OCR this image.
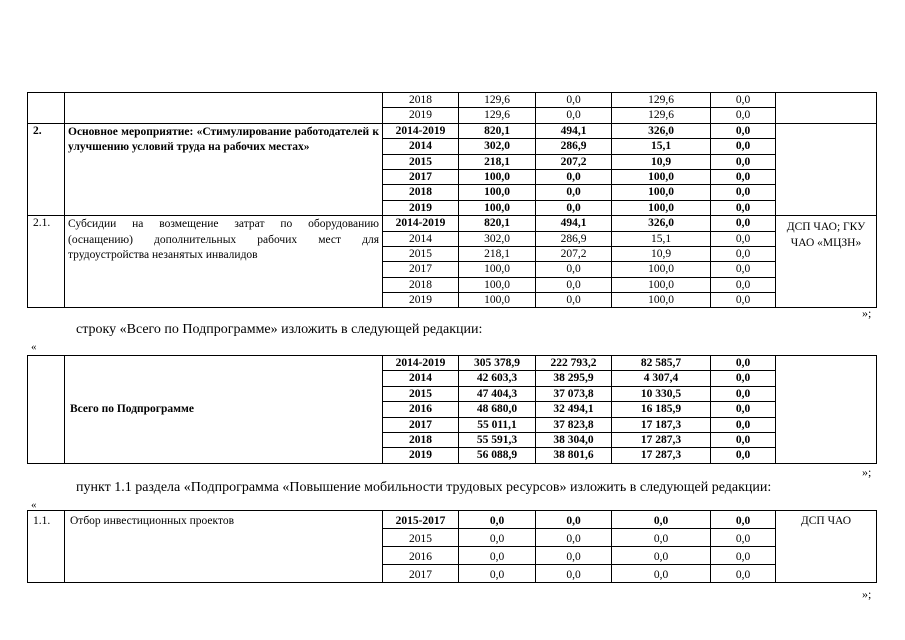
		2018	129,6	0,0	129,6	0,0	
		2019	129,6	0,0	129,6	0,0	
2.	Основное мероприятие: «Стимулирование работодателей к улучшению условий труда на рабочих местах»	2014-2019	820,1	494,1	326,0	0,0	
		2014	302,0	286,9	15,1	0,0	
		2015	218,1	207,2	10,9	0,0	
		2017	100,0	0,0	100,0	0,0	
		2018	100,0	0,0	100,0	0,0	
		2019	100,0	0,0	100,0	0,0	
2.1.	Субсидии на возмещение затрат по оборудованию (оснащению) дополнительных рабочих мест для трудоустройства незанятых инвалидов	2014-2019	820,1	494,1	326,0	0,0	ДСП ЧАО; ГКУ ЧАО «МЦЗН»
		2014	302,0	286,9	15,1	0,0	
		2015	218,1	207,2	10,9	0,0	
		2017	100,0	0,0	100,0	0,0	
		2018	100,0	0,0	100,0	0,0	
		2019	100,0	0,0	100,0	0,0	
»;
строку «Всего по Подпрограмме» изложить в следующей редакции:
«
	Всего по Подпрограмме	2014-2019	305 378,9	222 793,2	82 585,7	0,0	
		2014	42 603,3	38 295,9	4 307,4	0,0	
		2015	47 404,3	37 073,8	10 330,5	0,0	
		2016	48 680,0	32 494,1	16 185,9	0,0	
		2017	55 011,1	37 823,8	17 187,3	0,0	
		2018	55 591,3	38 304,0	17 287,3	0,0	
		2019	56 088,9	38 801,6	17 287,3	0,0	
»;
пункт 1.1 раздела «Подпрограмма «Повышение мобильности трудовых ресурсов» изложить в следующей редакции:
«
1.1.	Отбор инвестиционных проектов	2015-2017	0,0	0,0	0,0	0,0	ДСП ЧАО
		2015	0,0	0,0	0,0	0,0	
		2016	0,0	0,0	0,0	0,0	
		2017	0,0	0,0	0,0	0,0	
»;
